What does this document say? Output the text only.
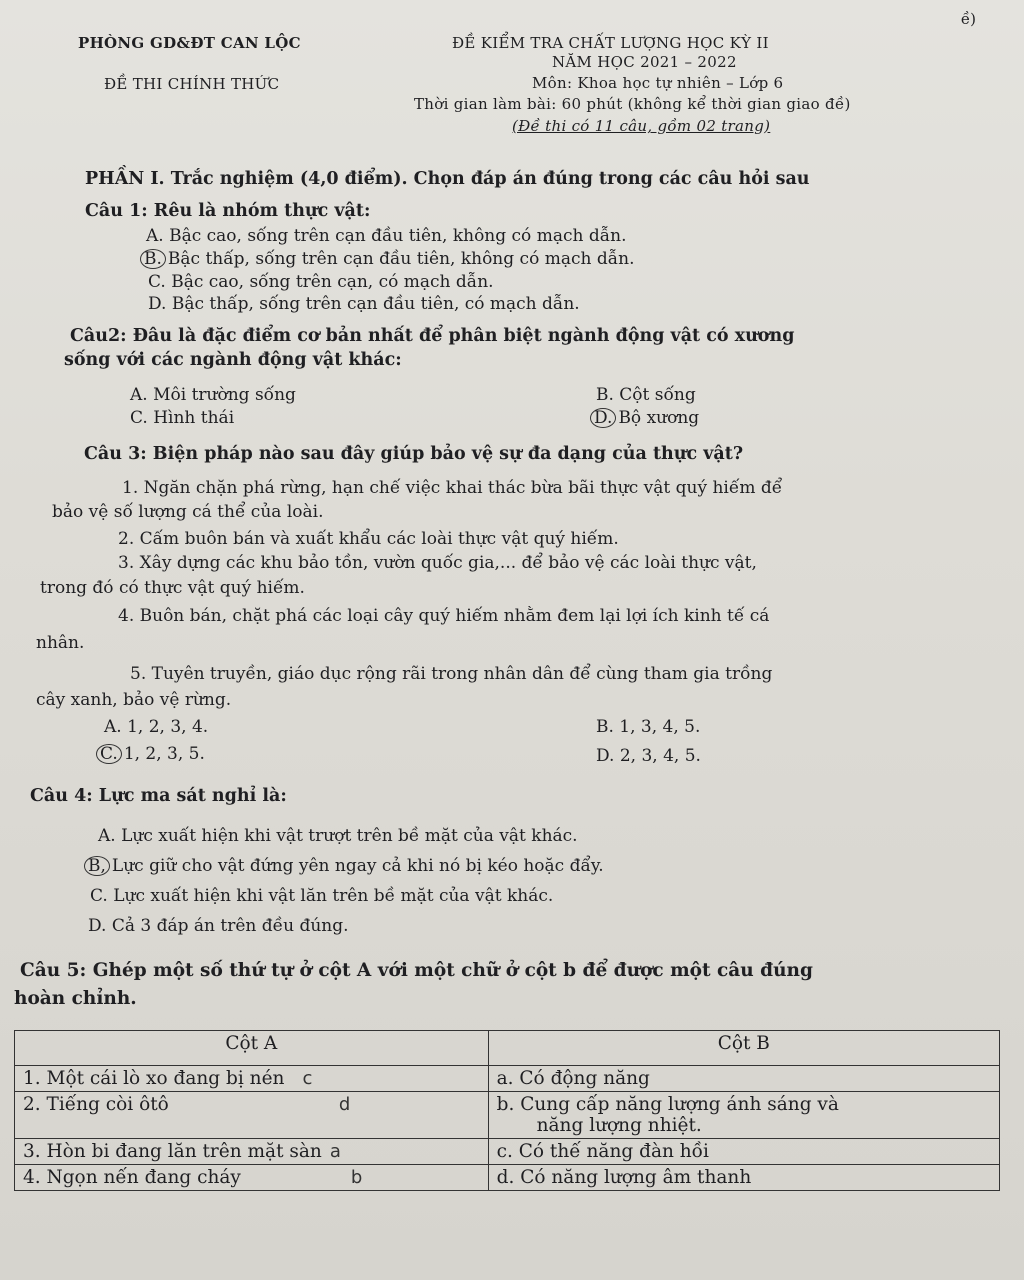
ề)
PHÒNG GD&ĐT CAN LỘC
ĐỀ THI CHÍNH THỨC
ĐỀ KIỂM TRA CHẤT LƯỢNG HỌC KỲ II
NĂM HỌC 2021 – 2022
Môn: Khoa học tự nhiên – Lớp 6
Thời gian làm bài: 60 phút (không kể thời gian giao đề)
(Đề thi có 11 câu, gồm 02 trang)
PHẦN I. Trắc nghiệm (4,0 điểm). Chọn đáp án đúng trong các câu hỏi sau
Câu 1: Rêu là nhóm thực vật:
A. Bậc cao, sống trên cạn đầu tiên, không có mạch dẫn.
B. Bậc thấp, sống trên cạn đầu tiên, không có mạch dẫn.
C. Bậc cao, sống trên cạn, có mạch dẫn.
D. Bậc thấp, sống trên cạn đầu tiên, có mạch dẫn.
Câu2: Đâu là đặc điểm cơ bản nhất để phân biệt ngành động vật có xương
sống với các ngành động vật khác:
A. Môi trường sống	B. Cột sống
C. Hình thái	D. Bộ xương
Câu 3: Biện pháp nào sau đây giúp bảo vệ sự đa dạng của thực vật?
1. Ngăn chặn phá rừng, hạn chế việc khai thác bừa bãi thực vật quý hiếm để
bảo vệ số lượng cá thể của loài.
2. Cấm buôn bán và xuất khẩu các loài thực vật quý hiếm.
3. Xây dựng các khu bảo tồn, vườn quốc gia,... để bảo vệ các loài thực vật,
trong đó có thực vật quý hiếm.
4. Buôn bán, chặt phá các loại cây quý hiếm nhằm đem lại lợi ích kinh tế cá
nhân.
5. Tuyên truyền, giáo dục rộng rãi trong nhân dân để cùng tham gia trồng
cây xanh, bảo vệ rừng.
A. 1, 2, 3, 4.	B. 1, 3, 4, 5.
C. 1, 2, 3, 5.	D. 2, 3, 4, 5.
Câu 4: Lực ma sát nghỉ là:
A. Lực xuất hiện khi vật trượt trên bề mặt của vật khác.
B, Lực giữ cho vật đứng yên ngay cả khi nó bị kéo hoặc đẩy.
C. Lực xuất hiện khi vật lăn trên bề mặt của vật khác.
D. Cả 3 đáp án trên đều đúng.
Câu 5: Ghép một số thứ tự ở cột A với một chữ ở cột b để được một câu đúng
hoàn chỉnh.
Cột A	Cột B
1. Một cái lò xo đang bị nén c	a. Có động năng
2. Tiếng còi ôtô d	b. Cung cấp năng lượng ánh sáng và
năng lượng nhiệt.

3. Hòn bi đang lăn trên mặt sàn a	c. Có thế năng đàn hồi
4. Ngọn nến đang cháy b	d. Có năng lượng âm thanh
